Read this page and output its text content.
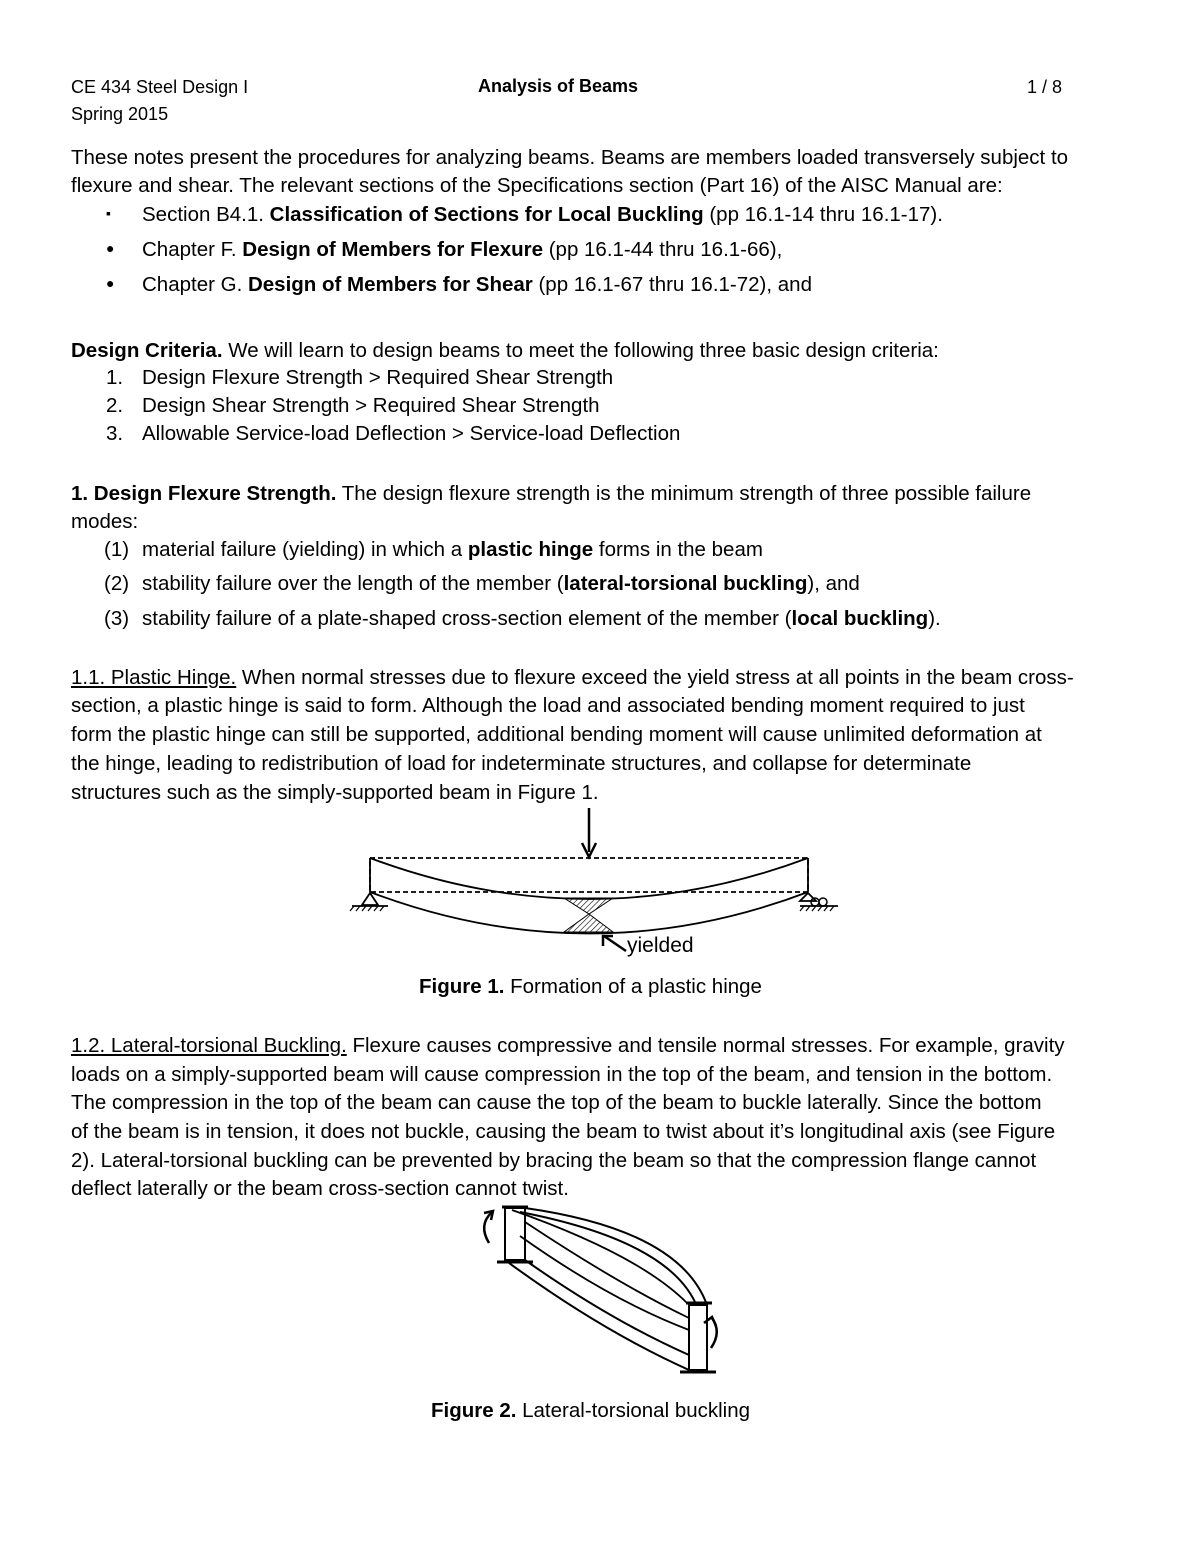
CE 434 Steel Design I
Spring 2015
Analysis of Beams	1 / 8
These notes present the procedures for analyzing beams. Beams are members loaded transversely subject to
flexure and shear. The relevant sections of the Specifications section (Part 16) of the AISC Manual are:
▪ Section B4.1. Classification of Sections for Local Buckling (pp 16.1-14 thru 16.1-17).
● Chapter F. Design of Members for Flexure (pp 16.1-44 thru 16.1-66),
● Chapter G. Design of Members for Shear (pp 16.1-67 thru 16.1-72), and
Design Criteria. We will learn to design beams to meet the following three basic design criteria:
1. Design Flexure Strength > Required Shear Strength
2. Design Shear Strength > Required Shear Strength
3. Allowable Service-load Deflection > Service-load Deflection
1. Design Flexure Strength. The design flexure strength is the minimum strength of three possible failure
modes:
(1) material failure (yielding) in which a plastic hinge forms in the beam
(2) stability failure over the length of the member (lateral-torsional buckling), and
(3) stability failure of a plate-shaped cross-section element of the member (local buckling).
1.1. Plastic Hinge. When normal stresses due to flexure exceed the yield stress at all points in the beam cross-
section, a plastic hinge is said to form. Although the load and associated bending moment required to just
form the plastic hinge can still be supported, additional bending moment will cause unlimited deformation at
the hinge, leading to redistribution of load for indeterminate structures, and collapse for determinate
structures such as the simply-supported beam in Figure 1.
yielded
Figure 1. Formation of a plastic hinge
1.2. Lateral-torsional Buckling. Flexure causes compressive and tensile normal stresses. For example, gravity
loads on a simply-supported beam will cause compression in the top of the beam, and tension in the bottom.
The compression in the top of the beam can cause the top of the beam to buckle laterally. Since the bottom
of the beam is in tension, it does not buckle, causing the beam to twist about it’s longitudinal axis (see Figure
2). Lateral-torsional buckling can be prevented by bracing the beam so that the compression flange cannot
deflect laterally or the beam cross-section cannot twist.
Figure 2. Lateral-torsional buckling
